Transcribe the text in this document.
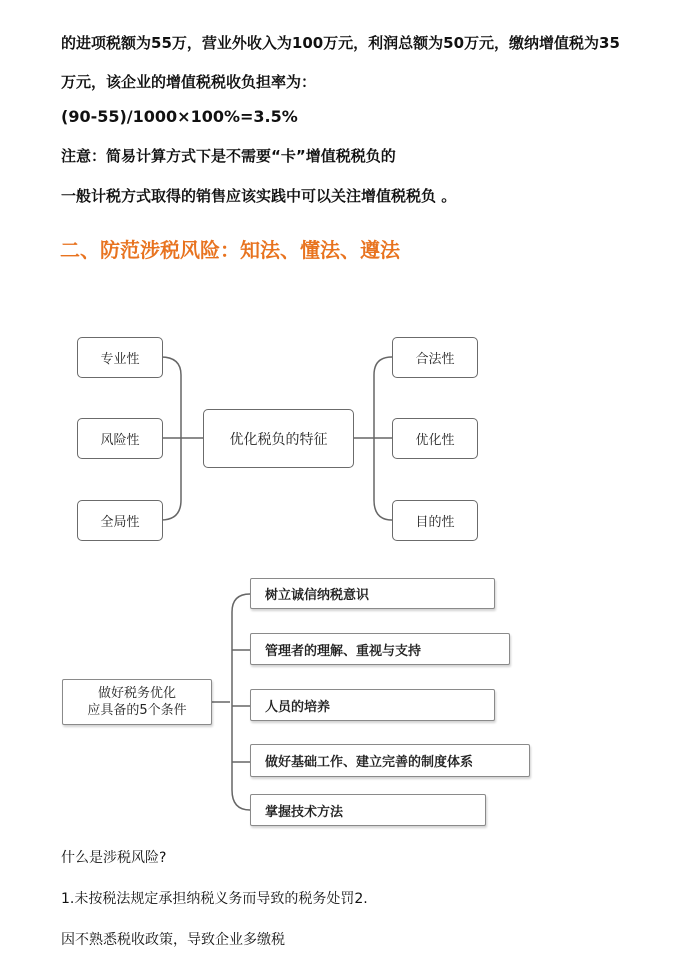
的进项税额为55万，营业外收入为100万元，利润总额为50万元，缴纳增值税为35
万元，该企业的增值税税收负担率为：
(90-55)/1000×100%=3.5%
注意：简易计算方式下是不需要“卡”增值税税负的
一般计税方式取得的销售应该实践中可以关注增值税税负 。
二、防范涉税风险：知法、懂法、遵法
专业性
风险性
全局性
优化税负的特征
合法性
优化性
目的性
做好税务优化
应具备的5个条件
树立诚信纳税意识
管理者的理解、重视与支持
人员的培养
做好基础工作、建立完善的制度体系
掌握技术方法
什么是涉税风险?
1.未按税法规定承担纳税义务而导致的税务处罚2.
因不熟悉税收政策，导致企业多缴税
